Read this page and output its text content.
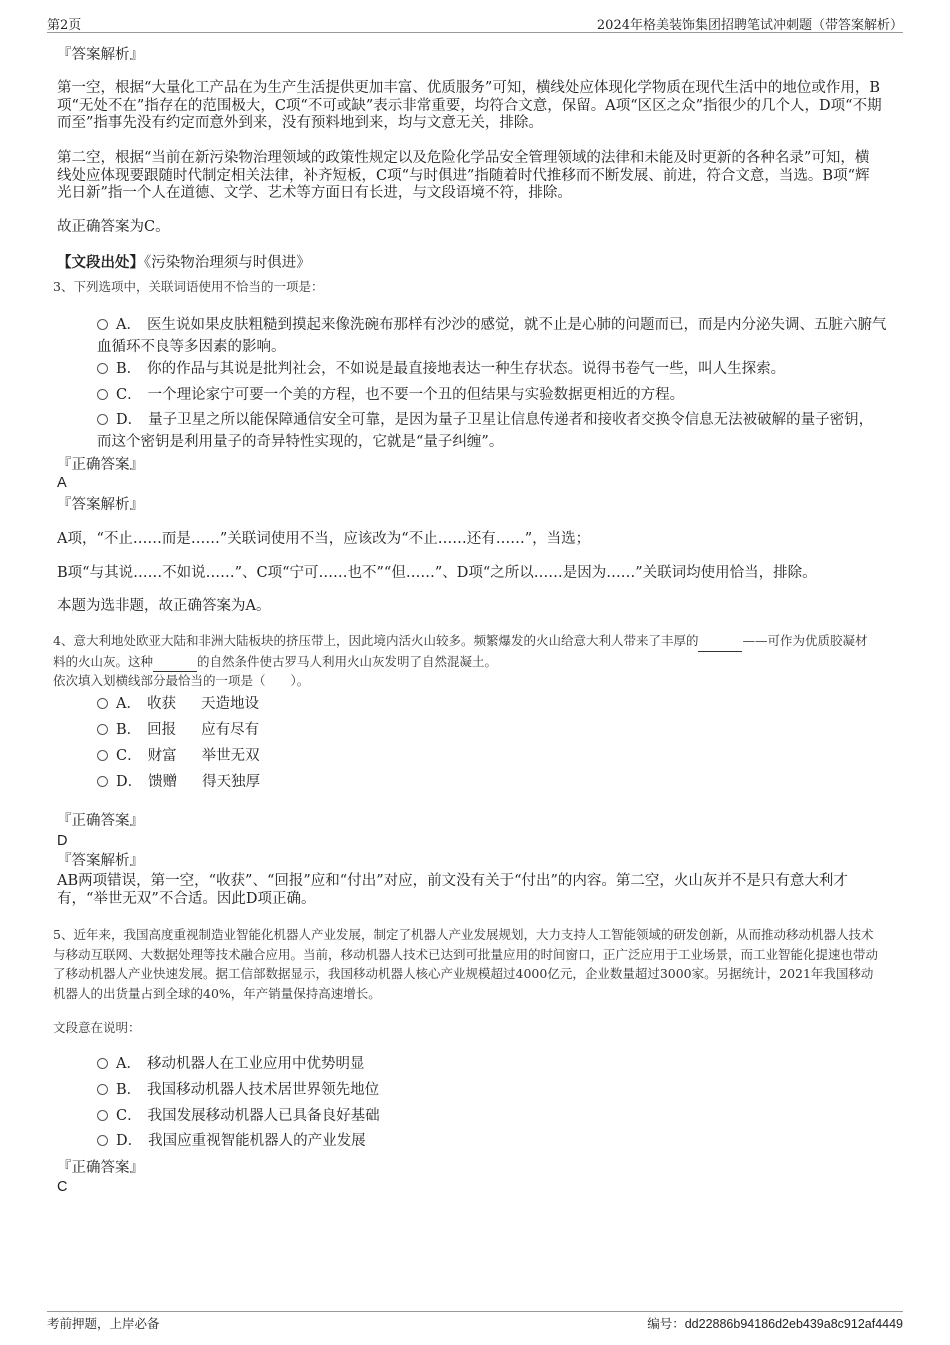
第2页	2024年格美装饰集团招聘笔试冲刺题（带答案解析）
『答案解析』
第一空，根据“大量化工产品在为生产生活提供更加丰富、优质服务”可知，横线处应体现化学物质在现代生活中的地位或作用，B项“无处不在”指存在的范围极大，C项“不可或缺”表示非常重要，均符合文意，保留。A项“区区之众”指很少的几个人，D项“不期而至”指事先没有约定而意外到来，没有预料地到来，均与文意无关，排除。
第二空，根据“当前在新污染物治理领域的政策性规定以及危险化学品安全管理领域的法律和未能及时更新的各种名录”可知，横线处应体现要跟随时代制定相关法律，补齐短板，C项“与时俱进”指随着时代推移而不断发展、前进，符合文意，当选。B项“辉光日新”指一个人在道德、文学、艺术等方面日有长进，与文段语境不符，排除。
故正确答案为C。
【文段出处】《污染物治理须与时俱进》
3、下列选项中，关联词语使用不恰当的一项是：
A． 医生说如果皮肤粗糙到摸起来像洗碗布那样有沙沙的感觉，就不止是心肺的问题而已，而是内分泌失调、五脏六腑气血循环不良等多因素的影响。
B． 你的作品与其说是批判社会，不如说是最直接地表达一种生存状态。说得书卷气一些，叫人生探索。
C． 一个理论家宁可要一个美的方程，也不要一个丑的但结果与实验数据更相近的方程。
D． 量子卫星之所以能保障通信安全可靠，是因为量子卫星让信息传递者和接收者交换令信息无法被破解的量子密钥，而这个密钥是利用量子的奇异特性实现的，它就是“量子纠缠”。
『正确答案』
A
『答案解析』
A项，“不止……而是……”关联词使用不当，应该改为“不止……还有……”，当选；
B项“与其说……不如说……”、C项“宁可……也不”“但……”、D项“之所以……是因为……”关联词均使用恰当，排除。
本题为选非题，故正确答案为A。
4、意大利地处欧亚大陆和非洲大陆板块的挤压带上，因此境内活火山较多。频繁爆发的火山给意大利人带来了丰厚的	——可作为优质胶凝材料的火山灰。这种	的自然条件使古罗马人利用火山灰发明了自然混凝土。
依次填入划横线部分最恰当的一项是（　　）。
A． 收获 天造地设
B． 回报 应有尽有
C． 财富 举世无双
D． 馈赠 得天独厚
『正确答案』
D
『答案解析』
AB两项错误，第一空，“收获”、“回报”应和“付出”对应，前文没有关于“付出”的内容。第二空，火山灰并不是只有意大利才有，“举世无双”不合适。因此D项正确。
5、近年来，我国高度重视制造业智能化机器人产业发展，制定了机器人产业发展规划，大力支持人工智能领域的研发创新，从而推动移动机器人技术与移动互联网、大数据处理等技术融合应用。当前，移动机器人技术已达到可批量应用的时间窗口，正广泛应用于工业场景，而工业智能化提速也带动了移动机器人产业快速发展。据工信部数据显示，我国移动机器人核心产业规模超过4000亿元，企业数量超过3000家。另据统计，2021年我国移动机器人的出货量占到全球的40%，年产销量保持高速增长。
文段意在说明：
A． 移动机器人在工业应用中优势明显
B． 我国移动机器人技术居世界领先地位
C． 我国发展移动机器人已具备良好基础
D． 我国应重视智能机器人的产业发展
『正确答案』
C
考前押题，上岸必备	编号：dd22886b94186d2eb439a8c912af4449
